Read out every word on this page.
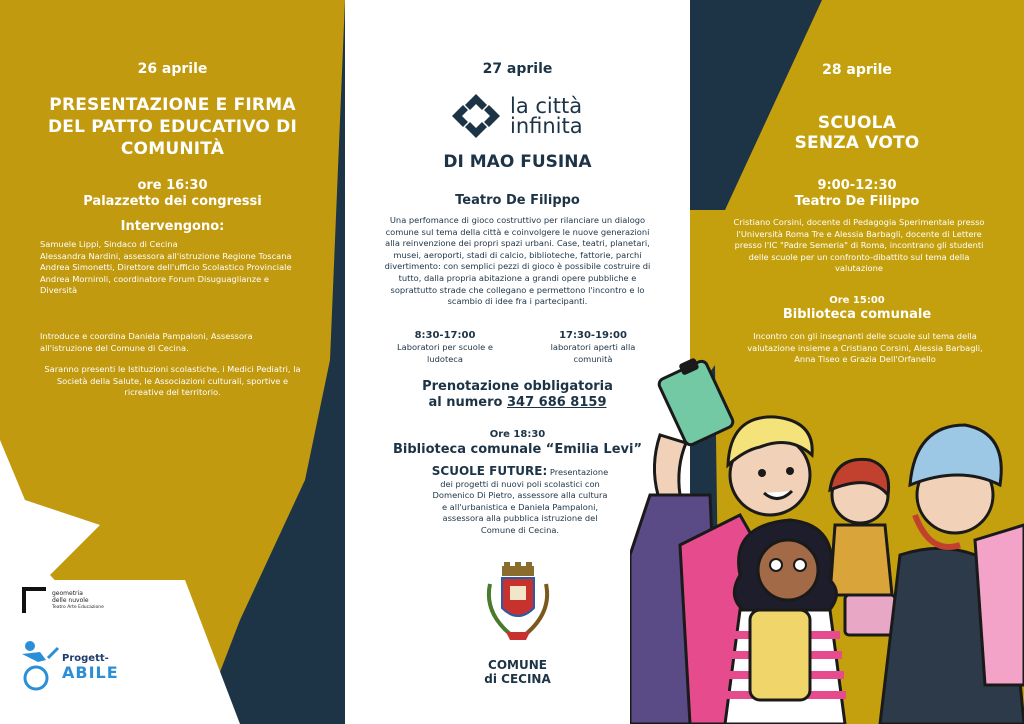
26 aprile
PRESENTAZIONE E FIRMA
DEL PATTO EDUCATIVO DI
COMUNITÀ
ore 16:30
Palazzetto dei congressi
Intervengono:
Samuele Lippi, Sindaco di Cecina
Alessandra Nardini, assessora all'istruzione Regione Toscana
Andrea Simonetti, Direttore dell'ufficio Scolastico Provinciale
Andrea Morniroli, coordinatore Forum Disuguaglianze e
Diversità
Introduce e coordina Daniela Pampaloni, Assessora
all'istruzione del Comune di Cecina.
Saranno presenti le Istituzioni scolastiche, i Medici Pediatri, la
Società della Salute, le Associazioni culturali, sportive e
ricreative del territorio.
geometria
delle nuvole
Teatro Arte Educazione
Progett-
ABILE
27 aprile
la città
infinita
DI MAO FUSINA
Teatro De Filippo
Una perfomance di gioco costruttivo per rilanciare un dialogo
comune sul tema della città e coinvolgere le nuove generazioni
alla reinvenzione dei propri spazi urbani. Case, teatri, planetari,
musei, aeroporti, stadi di calcio, biblioteche, fattorie, parchi
divertimento: con semplici pezzi di gioco è possibile costruire di
tutto, dalla propria abitazione a grandi opere pubbliche e
soprattutto strade che collegano e permettono l'incontro e lo
scambio di idee fra i partecipanti.
8:30-17:00
Laboratori per scuole e
ludoteca
17:30-19:00
laboratori aperti alla
comunità
Prenotazione obbligatoria
al numero 347 686 8159
Ore 18:30
Biblioteca comunale “Emilia Levi”
SCUOLE FUTURE: Presentazione
dei progetti di nuovi poli scolastici con
Domenico Di Pietro, assessore alla cultura
e all'urbanistica e Daniela Pampaloni,
assessora alla pubblica istruzione del
Comune di Cecina.
COMUNE
di CECINA
28 aprile
SCUOLA
SENZA VOTO
9:00-12:30
Teatro De Filippo
Cristiano Corsini, docente di Pedagogia Sperimentale presso
l'Università Roma Tre e Alessia Barbagli, docente di Lettere
presso l'IC "Padre Semeria" di Roma, incontrano gli studenti
delle scuole per un confronto-dibattito sul tema della
valutazione
Ore 15:00
Biblioteca comunale
Incontro con gli insegnanti delle scuole sul tema della
valutazione insieme a Cristiano Corsini, Alessia Barbagli,
Anna Tiseo e Grazia Dell'Orfanello
